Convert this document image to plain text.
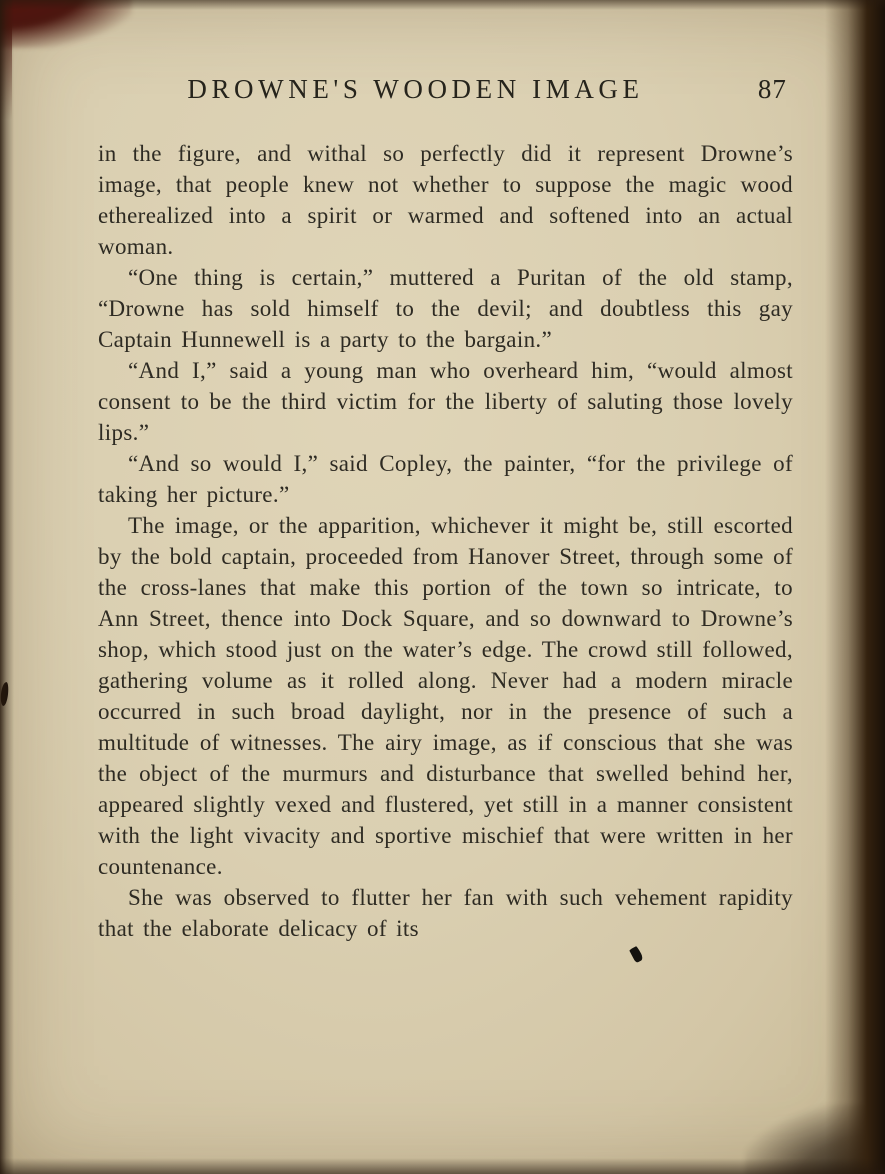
DROWNE'S WOODEN IMAGE	87

in the figure, and withal so perfectly did it represent Drowne’s image, that people knew not whether to suppose the magic wood etherealized into a spirit or warmed and softened into an actual woman.

“One thing is certain,” muttered a Puritan of the old stamp, “Drowne has sold himself to the devil; and doubtless this gay Captain Hunnewell is a party to the bargain.”

“And I,” said a young man who overheard him, “would almost consent to be the third victim for the liberty of saluting those lovely lips.”

“And so would I,” said Copley, the painter, “for the privilege of taking her picture.”

The image, or the apparition, whichever it might be, still escorted by the bold captain, proceeded from Hanover Street, through some of the cross-lanes that make this portion of the town so intricate, to Ann Street, thence into Dock Square, and so downward to Drowne’s shop, which stood just on the water’s edge. The crowd still followed, gathering volume as it rolled along. Never had a modern miracle occurred in such broad daylight, nor in the presence of such a multitude of witnesses. The airy image, as if conscious that she was the object of the murmurs and disturbance that swelled behind her, appeared slightly vexed and flustered, yet still in a manner consistent with the light vivacity and sportive mischief that were written in her countenance.

She was observed to flutter her fan with such vehement rapidity that the elaborate delicacy of its
